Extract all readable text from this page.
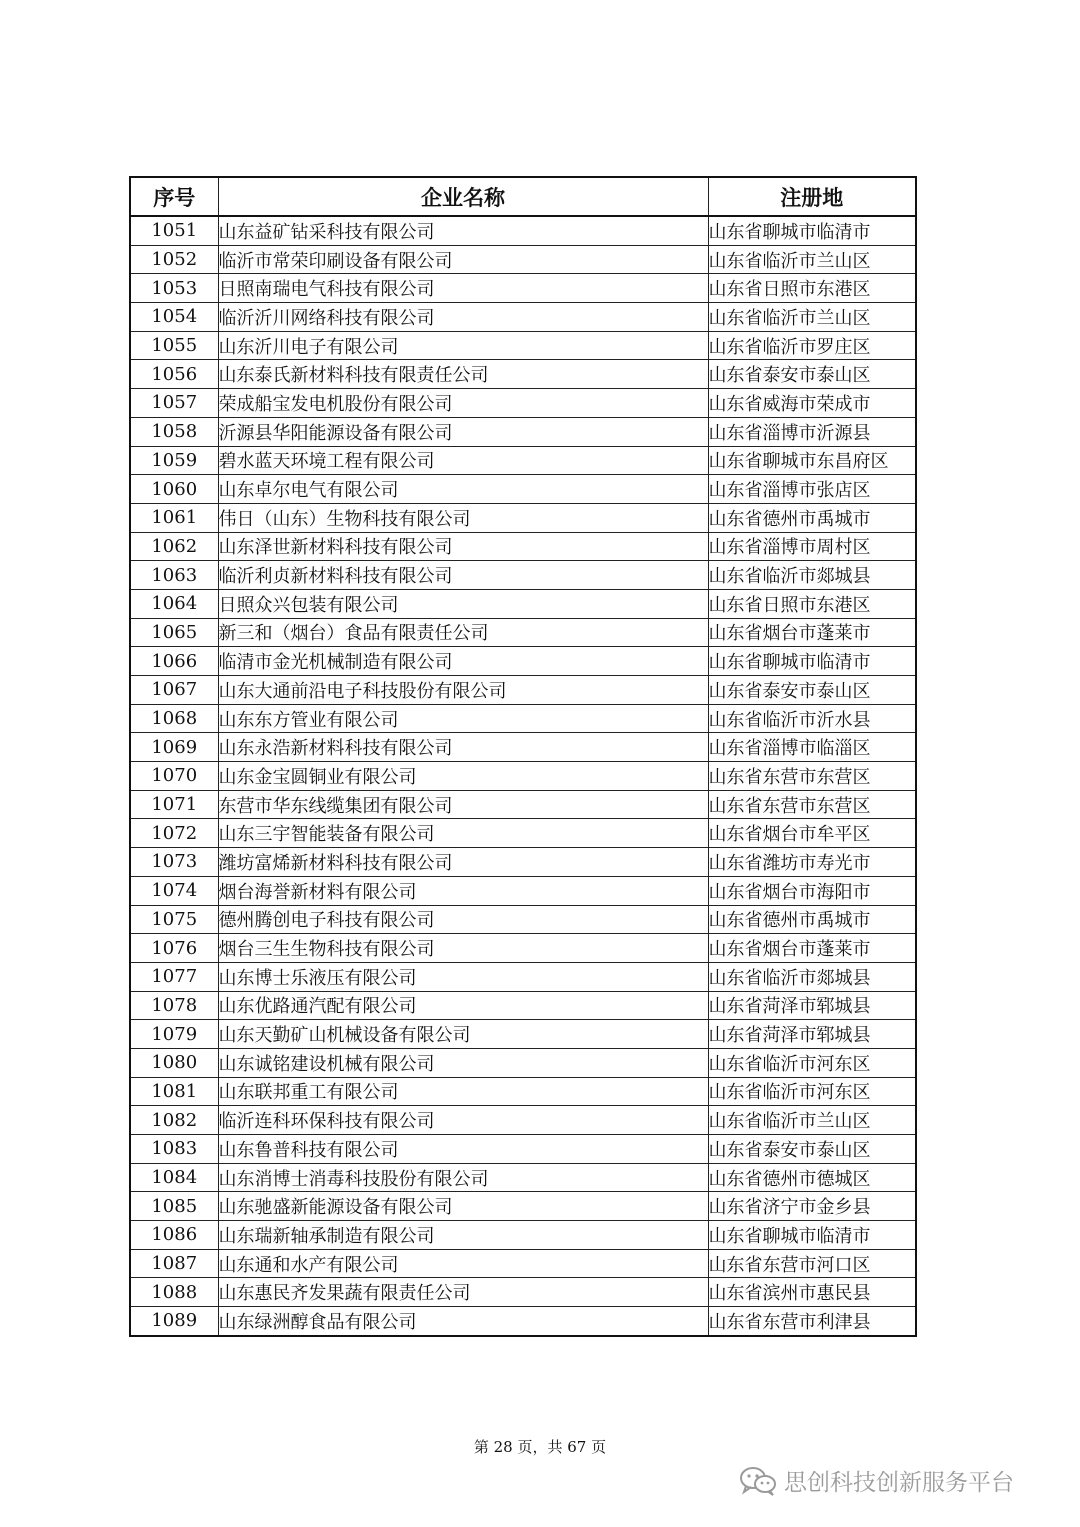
序号	企业名称	注册地
1051	山东益矿钻采科技有限公司	山东省聊城市临清市
1052	临沂市常荣印刷设备有限公司	山东省临沂市兰山区
1053	日照南瑞电气科技有限公司	山东省日照市东港区
1054	临沂沂川网络科技有限公司	山东省临沂市兰山区
1055	山东沂川电子有限公司	山东省临沂市罗庄区
1056	山东泰氏新材料科技有限责任公司	山东省泰安市泰山区
1057	荣成船宝发电机股份有限公司	山东省威海市荣成市
1058	沂源县华阳能源设备有限公司	山东省淄博市沂源县
1059	碧水蓝天环境工程有限公司	山东省聊城市东昌府区
1060	山东卓尔电气有限公司	山东省淄博市张店区
1061	伟日（山东）生物科技有限公司	山东省德州市禹城市
1062	山东泽世新材料科技有限公司	山东省淄博市周村区
1063	临沂利贞新材料科技有限公司	山东省临沂市郯城县
1064	日照众兴包装有限公司	山东省日照市东港区
1065	新三和（烟台）食品有限责任公司	山东省烟台市蓬莱市
1066	临清市金光机械制造有限公司	山东省聊城市临清市
1067	山东大通前沿电子科技股份有限公司	山东省泰安市泰山区
1068	山东东方管业有限公司	山东省临沂市沂水县
1069	山东永浩新材料科技有限公司	山东省淄博市临淄区
1070	山东金宝圆铜业有限公司	山东省东营市东营区
1071	东营市华东线缆集团有限公司	山东省东营市东营区
1072	山东三宇智能装备有限公司	山东省烟台市牟平区
1073	潍坊富烯新材料科技有限公司	山东省潍坊市寿光市
1074	烟台海誉新材料有限公司	山东省烟台市海阳市
1075	德州腾创电子科技有限公司	山东省德州市禹城市
1076	烟台三生生物科技有限公司	山东省烟台市蓬莱市
1077	山东博士乐液压有限公司	山东省临沂市郯城县
1078	山东优路通汽配有限公司	山东省菏泽市郓城县
1079	山东天勤矿山机械设备有限公司	山东省菏泽市郓城县
1080	山东诚铭建设机械有限公司	山东省临沂市河东区
1081	山东联邦重工有限公司	山东省临沂市河东区
1082	临沂连科环保科技有限公司	山东省临沂市兰山区
1083	山东鲁普科技有限公司	山东省泰安市泰山区
1084	山东消博士消毒科技股份有限公司	山东省德州市德城区
1085	山东驰盛新能源设备有限公司	山东省济宁市金乡县
1086	山东瑞新轴承制造有限公司	山东省聊城市临清市
1087	山东通和水产有限公司	山东省东营市河口区
1088	山东惠民齐发果蔬有限责任公司	山东省滨州市惠民县
1089	山东绿洲醇食品有限公司	山东省东营市利津县
第 28 页，共 67 页
思创科技创新服务平台
